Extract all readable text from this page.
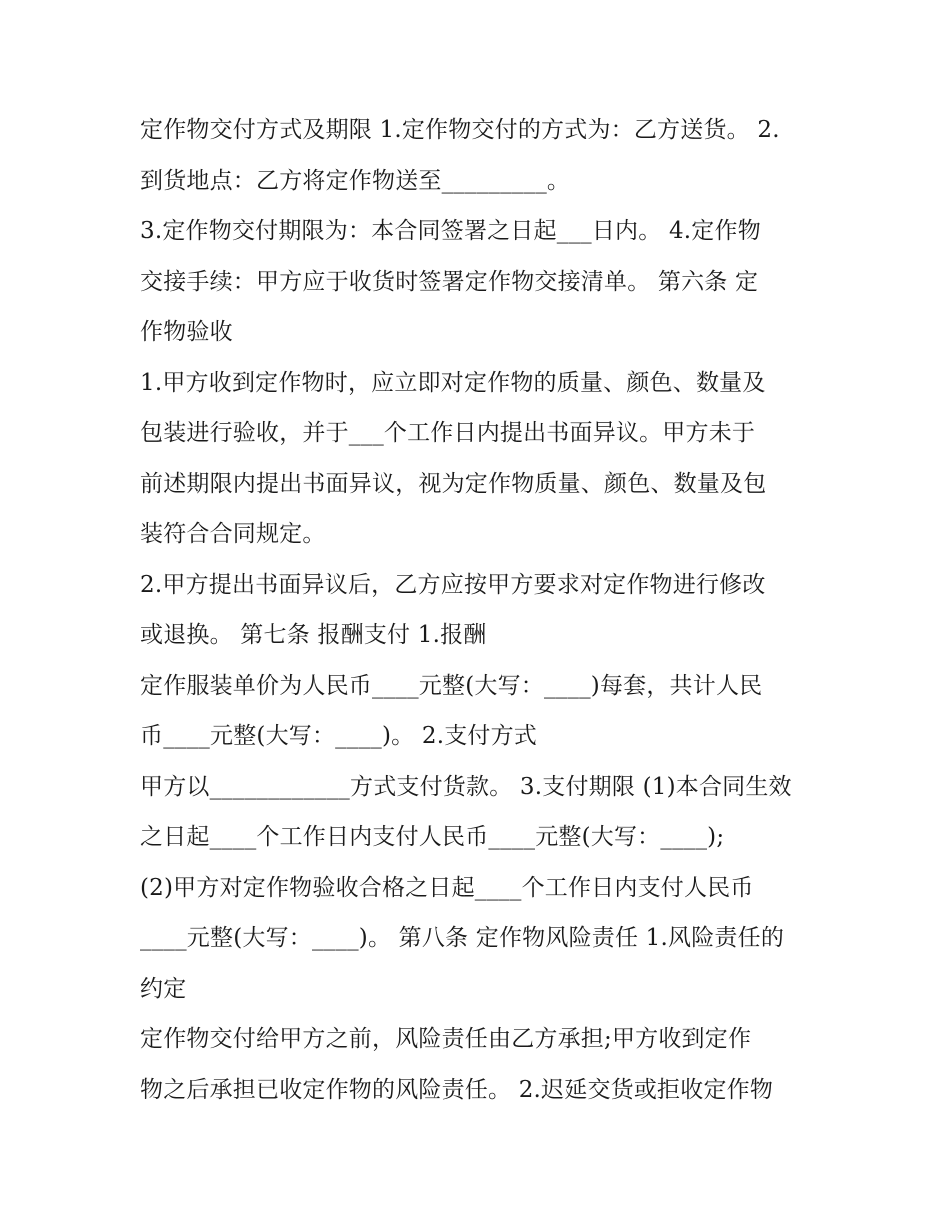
定作物交付方式及期限 1.定作物交付的方式为：乙方送货。 2.
到货地点：乙方将定作物送至_________。
3.定作物交付期限为：本合同签署之日起___日内。 4.定作物
交接手续：甲方应于收货时签署定作物交接清单。 第六条 定
作物验收
1.甲方收到定作物时，应立即对定作物的质量、颜色、数量及
包装进行验收，并于___个工作日内提出书面异议。甲方未于
前述期限内提出书面异议，视为定作物质量、颜色、数量及包
装符合合同规定。
2.甲方提出书面异议后，乙方应按甲方要求对定作物进行修改
或退换。 第七条 报酬支付 1.报酬
定作服装单价为人民币____元整(大写：____)每套，共计人民
币____元整(大写：____)。 2.支付方式
甲方以____________方式支付货款。 3.支付期限 (1)本合同生效
之日起____个工作日内支付人民币____元整(大写：____);
(2)甲方对定作物验收合格之日起____个工作日内支付人民币
____元整(大写：____)。 第八条 定作物风险责任 1.风险责任的
约定
定作物交付给甲方之前，风险责任由乙方承担;甲方收到定作
物之后承担已收定作物的风险责任。 2.迟延交货或拒收定作物
